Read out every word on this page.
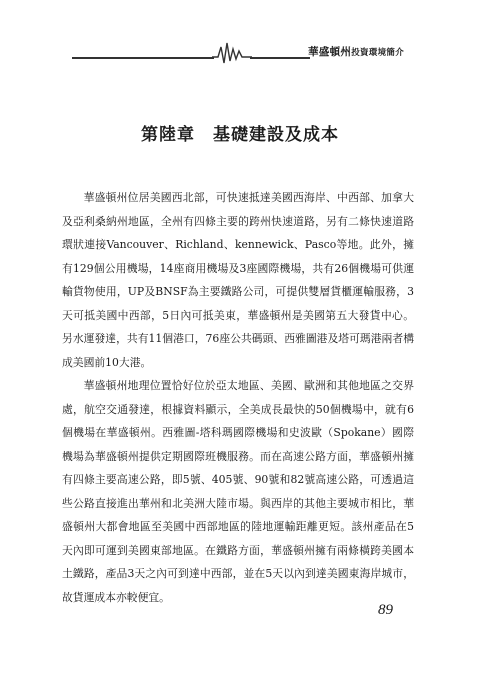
華盛頓州投資環境簡介
第陸章 基礎建設及成本

華盛頓州位居美國西北部，可快速抵達美國西海岸、中西部、加拿大及亞利桑納州地區，全州有四條主要的跨州快速道路，另有二條快速道路環狀連接Vancouver、Richland、kennewick、Pasco等地。此外，擁有129個公用機場，14座商用機場及3座國際機場，共有26個機場可供運輸貨物使用，UP及BNSF為主要鐵路公司，可提供雙層貨櫃運輸服務，3天可抵美國中西部，5日內可抵美東，華盛頓州是美國第五大發貨中心。另水運發達，共有11個港口，76座公共碼頭、西雅圖港及塔可瑪港兩者構成美國前10大港。

華盛頓州地理位置恰好位於亞太地區、美國、歐洲和其他地區之交界處，航空交通發達，根據資料顯示，全美成長最快的50個機場中，就有6個機場在華盛頓州。西雅圖-塔科瑪國際機場和史波歐（Spokane）國際機場為華盛頓州提供定期國際班機服務。而在高速公路方面，華盛頓州擁有四條主要高速公路，即5號、405號、90號和82號高速公路，可透過這些公路直接進出華州和北美洲大陸市場。與西岸的其他主要城市相比，華盛頓州大都會地區至美國中西部地區的陸地運輸距離更短。該州產品在5天內即可運到美國東部地區。在鐵路方面，華盛頓州擁有兩條橫跨美國本土鐵路，產品3天之內可到達中西部，並在5天以內到達美國東海岸城市，故貨運成本亦較便宜。

89
